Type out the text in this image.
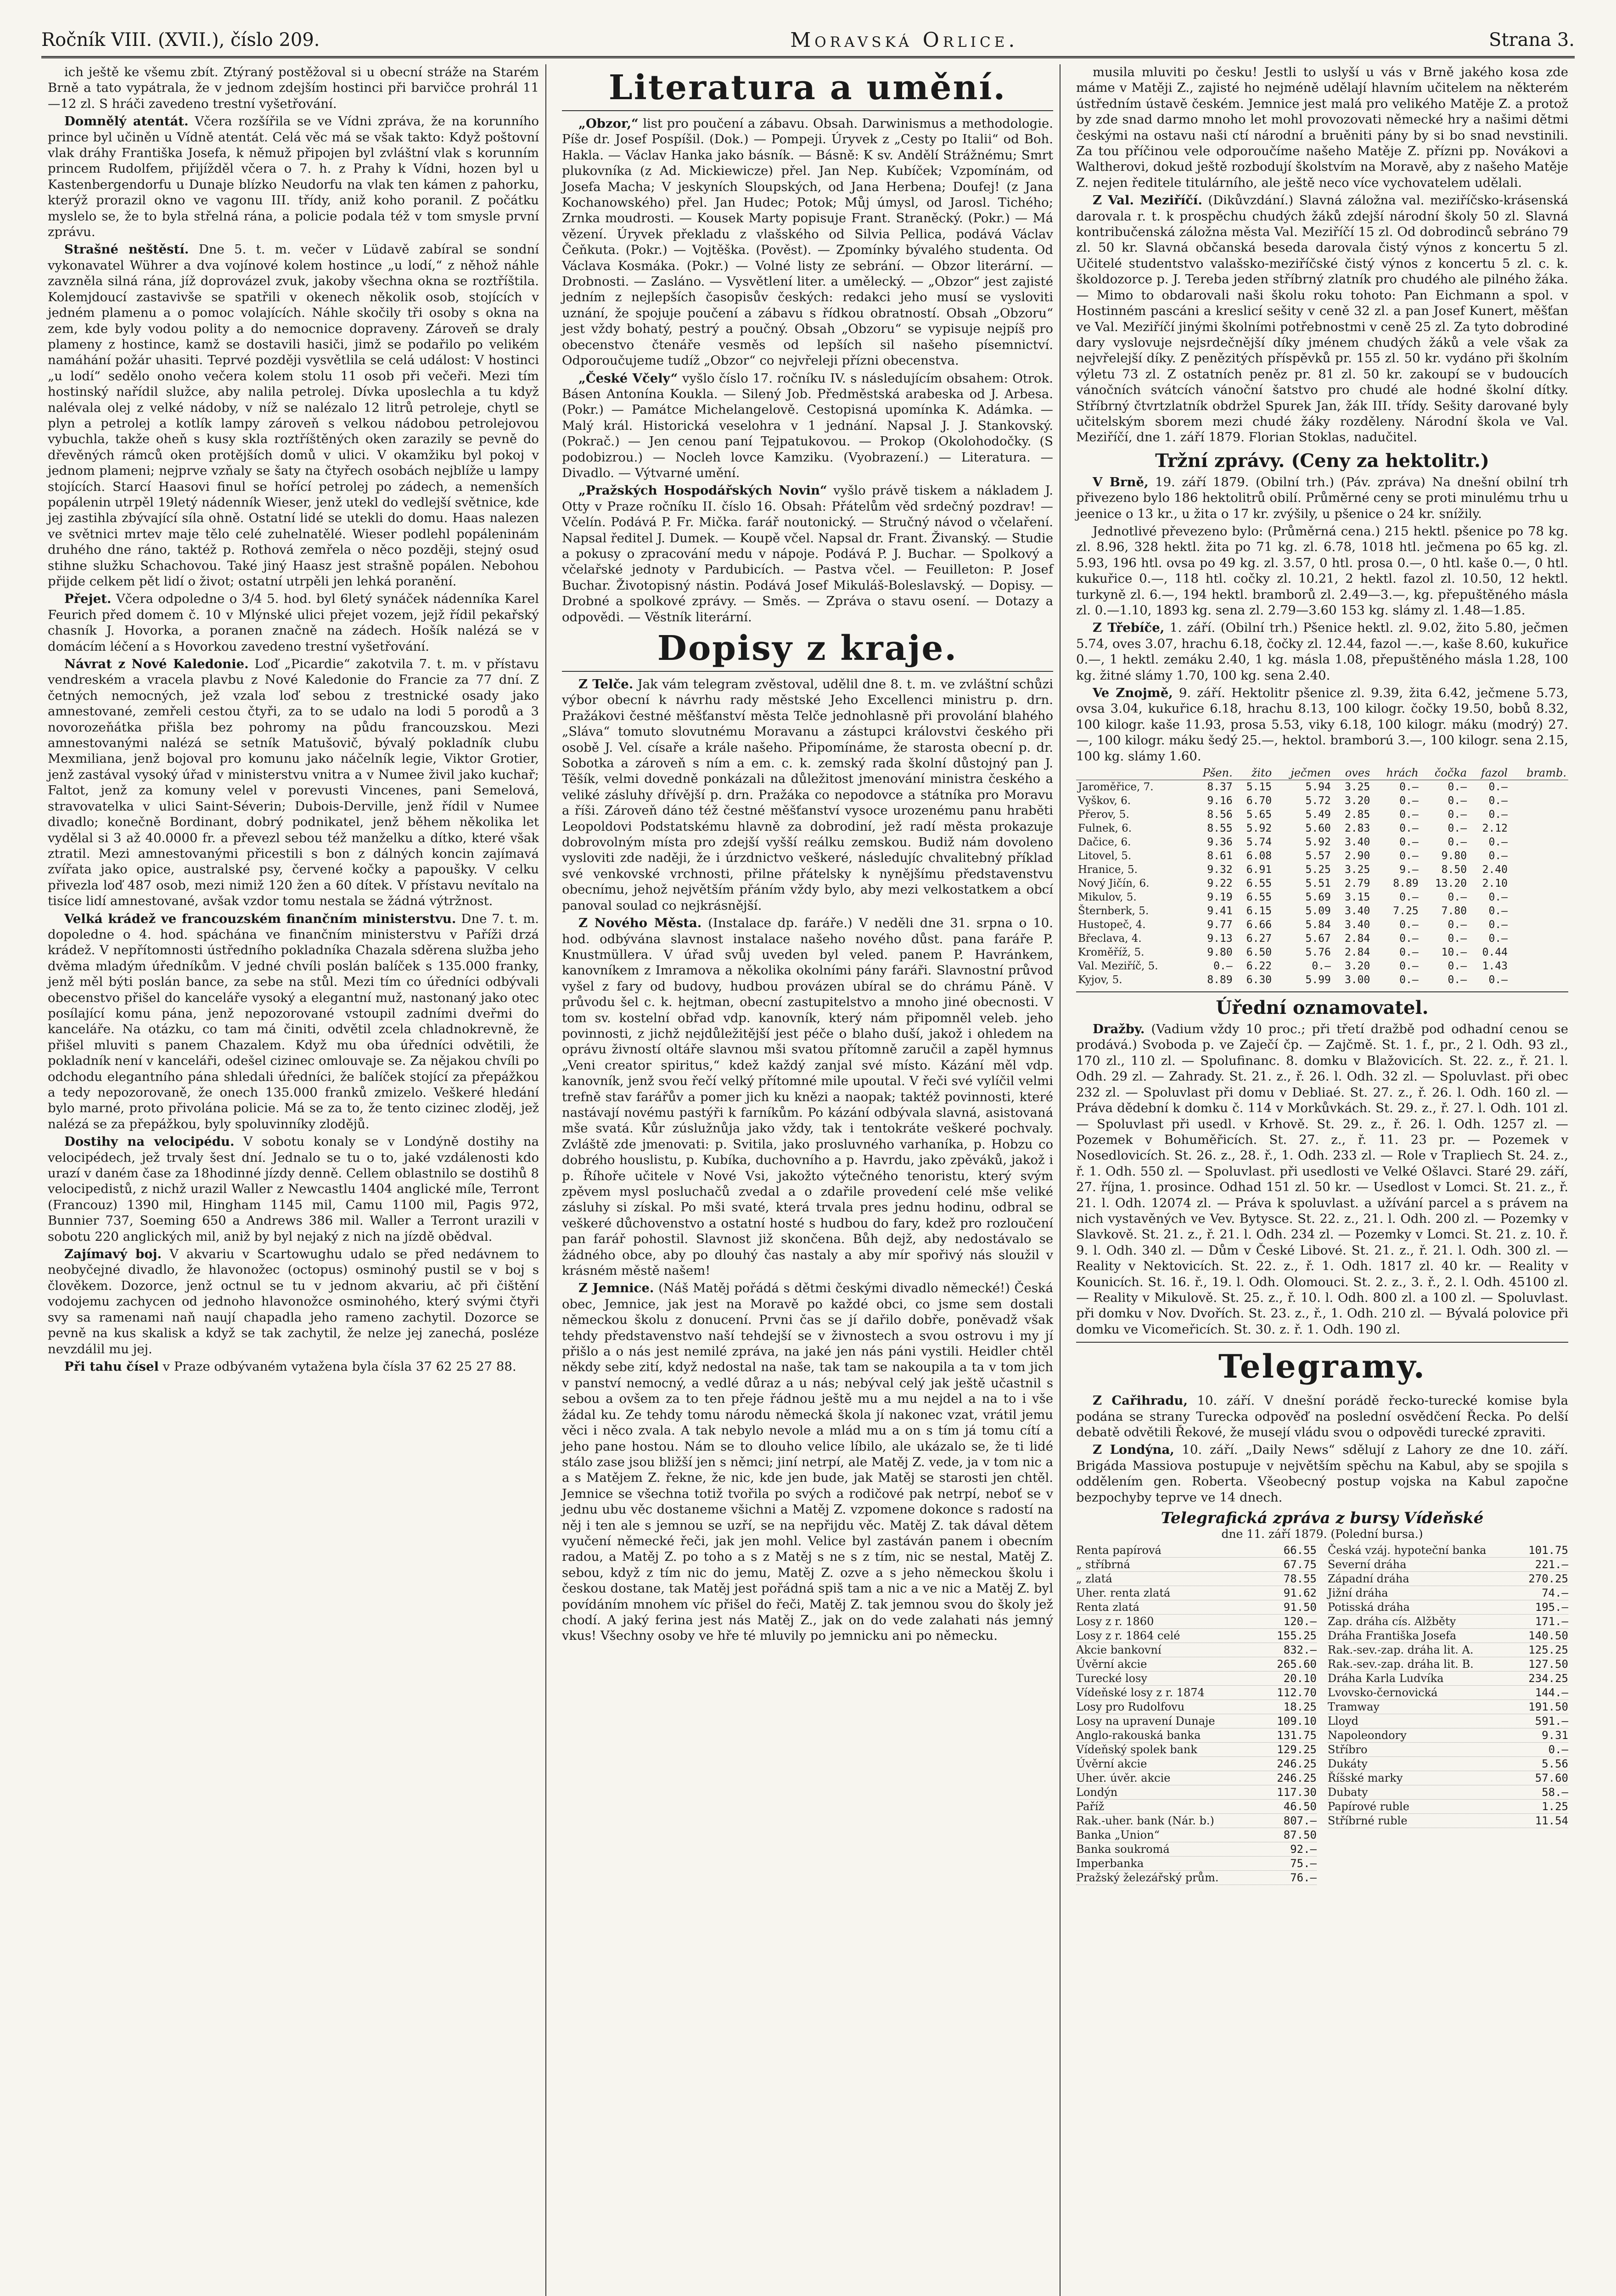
Ročník VIII. (XVII.), číslo 209.	Moravská Orlice.	Strana 3.

ich ještě ke všemu zbít. Ztýraný postěžoval si u obecní stráže na Starém Brně a tato vypátrala, že v jednom zdejším hostinci při barvičce prohrál 11—12 zl. S hráči zavedeno trestní vyšetřování.

Domnělý atentát. Včera rozšířila se ve Vídni zpráva, že na korunního prince byl učiněn u Vídně atentát. Celá věc má se však takto: Když poštovní vlak dráhy Františka Josefa, k němuž připojen byl zvláštní vlak s korunním princem Rudolfem, přijížděl včera o 7. h. z Prahy k Vídni, hozen byl u Kastenbergendorfu u Dunaje blízko Neudorfu na vlak ten kámen z pahorku, kterýž prorazil okno ve vagonu III. třídy, aniž koho poranil. Z počátku myslelo se, že to byla střelná rána, a policie podala též v tom smysle první zprávu.

Strašné neštěstí. Dne 5. t. m. večer v Lüdavě zabíral se sondní vykonavatel Wührer a dva vojínové kolem hostince „u lodí,“ z něhož náhle zavzněla silná rána, jíž doprovázel zvuk, jakoby všechna okna se roztříštila. Kolemjdoucí zastavivše se spatřili v okenech několik osob, stojících v jedném plamenu a o pomoc volajících. Náhle skočily tři osoby s okna na zem, kde byly vodou polity a do nemocnice dopraveny. Zároveň se draly plameny z hostince, kamž se dostavili hasiči, jimž se podařilo po velikém namáhání požár uhasiti. Teprvé později vysvětlila se celá událost: V hostinci „u lodí“ sedělo onoho večera kolem stolu 11 osob při večeři. Mezi tím hostinský nařídil služce, aby nalila petrolej. Dívka uposlechla a tu když nalévala olej z velké nádoby, v níž se nalézalo 12 litrů petroleje, chytl se plyn a petrolej a kotlík lampy zároveň s velkou nádobou petrolejovou vybuchla, takže oheň s kusy skla roztříštěných oken zarazily se pevně do dřevěných rámců oken protějších domů v ulici. V okamžiku byl pokoj v jednom plameni; nejprve vzňaly se šaty na čtyřech osobách nejblíže u lampy stojících. Starcí Haasovi finul se hořící petrolej po zádech, a nemenších popálenin utrpěl 19letý nádenník Wieser, jenž utekl do vedlejší světnice, kde jej zastihla zbývající síla ohně. Ostatní lidé se utekli do domu. Haas nalezen ve světnici mrtev maje tělo celé zuhelnatělé. Wieser podlehl popáleninám druhého dne ráno, taktéž p. Rothová zemřela o něco později, stejný osud stihne služku Schachovou. Také jiný Haasz jest strašně popálen. Nebohou přijde celkem pět lidí o život; ostatní utrpěli jen lehká poranění.

Přejet. Včera odpoledne o 3/4 5. hod. byl 6letý synáček nádenníka Karel Feurich před domem č. 10 v Mlýnské ulici přejet vozem, jejž řídil pekařský chasník J. Hovorka, a poranen značně na zádech. Hošík nalézá se v domácím léčení a s Hovorkou zavedeno trestní vyšetřování.

Návrat z Nové Kaledonie. Loď „Picardie“ zakotvila 7. t. m. v přístavu vendreském a vracela plavbu z Nové Kaledonie do Francie za 77 dní. Z četných nemocných, jež vzala loď sebou z trestnické osady jako amnestované, zemřeli cestou čtyři, za to se udalo na lodi 5 porodů a 3 novorozeňátka přišla bez pohromy na půdu francouzskou. Mezi amnestovanými nalézá se setník Matušovič, bývalý pokladník clubu Mexmiliana, jenž bojoval pro komunu jako náčelník legie, Viktor Grotier, jenž zastával vysoký úřad v ministerstvu vnitra a v Numee živil jako kuchař; Faltot, jenž za komuny velel v porevusti Vincenes, pani Semelová, stravovatelka v ulici Saint-Séverin; Dubois-Derville, jenž řídil v Numee divadlo; konečně Bordinant, dobrý podnikatel, jenž během několika let vydělal si 3 až 40.0000 fr. a převezl sebou též manželku a dítko, které však ztratil. Mezi amnestovanými přicestili s bon z dálných koncin zajímavá zvířata jako opice, australské psy, červené kočky a papoušky. V celku přivezla loď 487 osob, mezi nimiž 120 žen a 60 dítek. V přístavu nevítalo na tisíce lidí amnestované, avšak vzdor tomu nestala se žádná výtržnost.

Velká krádež ve francouzském finančním ministerstvu. Dne 7. t. m. dopoledne o 4. hod. spáchána ve finančním ministerstvu v Paříži drzá krádež. V nepřítomnosti ústředního pokladníka Chazala sděrena služba jeho dvěma mladým úředníkům. V jedné chvíli poslán balíček s 135.000 franky, jenž měl býti poslán bance, za sebe na stůl. Mezi tím co úředníci odbývali obecenstvo přišel do kanceláře vysoký a elegantní muž, nastonaný jako otec posílající komu pána, jenž nepozorované vstoupil zadními dveřmi do kanceláře. Na otázku, co tam má činiti, odvětil zcela chladnokrevně, že přišel mluviti s panem Chazalem. Když mu oba úředníci odvětili, že pokladník není v kanceláři, odešel cizinec omlouvaje se. Za nějakou chvíli po odchodu elegantního pána shledali úředníci, že balíček stojící za přepážkou a tedy nepozorovaně, že onech 135.000 franků zmizelo. Veškeré hledání bylo marné, proto přivolána policie. Má se za to, že tento cizinec zloděj, jež nalézá se za přepážkou, byly spoluvinníky zlodějů.

Dostihy na velocipédu. V sobotu konaly se v Londýně dostihy na velocipédech, jež trvaly šest dní. Jednalo se tu o to, jaké vzdálenosti kdo urazí v daném čase za 18hodinné jízdy denně. Cellem oblastnilo se dostihů 8 velocipedistů, z nichž urazil Waller z Newcastlu 1404 anglické míle, Terront (Francouz) 1390 mil, Hingham 1145 mil, Camu 1100 mil, Pagis 972, Bunnier 737, Soeming 650 a Andrews 386 mil. Waller a Terront urazili v sobotu 220 anglických mil, aniž by byl nejaký z nich na jízdě obědval.

Zajímavý boj. V akvariu v Scartowughu udalo se před nedávnem to neobyčejné divadlo, že hlavonožec (octopus) osminohý pustil se v boj s člověkem. Dozorce, jenž octnul se tu v jednom akvariu, ač při čištění vodojemu zachycen od jednoho hlavonožce osminohého, který svými čtyři svy sa ramenami naň naují chapadla jeho rameno zachytil. Dozorce se pevně na kus skalisk a když se tak zachytil, že nelze jej zanechá, posléze nevzdálil mu jej.

Při tahu čísel v Praze odbývaném vytažena byla čísla 37 62 25 27 88.

Literatura a umění.

„Obzor,“ list pro poučení a zábavu. Obsah. Darwinismus a methodologie. Píše dr. Josef Pospíšil. (Dok.) — Pompeji. Úryvek z „Cesty po Italii“ od Boh. Hakla. — Václav Hanka jako básník. — Básně: K sv. Andělí Strážnému; Smrt plukovníka (z Ad. Mickiewicze) přel. Jan Nep. Kubíček; Vzpomínám, od Josefa Macha; V jeskyních Sloupských, od Jana Herbena; Doufej! (z Jana Kochanowského) přel. Jan Hudec; Potok; Můj úmysl, od Jarosl. Tichého; Zrnka moudrosti. — Kousek Marty popisuje Frant. Straněcký. (Pokr.) — Má vězení. Úryvek překladu z vlašského od Silvia Pellica, podává Václav Čeňkuta. (Pokr.) — Vojtěška. (Pověst). — Zpomínky bývalého studenta. Od Václava Kosmáka. (Pokr.) — Volné listy ze sebrání. — Obzor literární. — Drobnosti. — Zasláno. — Vysvětlení liter. a umělecký. — „Obzor“ jest zajisté jedním z nejlepších časopisův českých: redakci jeho musí se vysloviti uznání, že spojuje poučení a zábavu s řídkou obratností. Obsah „Obzoru“ jest vždy bohatý, pestrý a poučný. Obsah „Obzoru“ se vypisuje nejpíš pro obecenstvo čtenáře vesměs od lepších sil našeho písemnictví. Odporoučujeme tudíž „Obzor“ co nejvřeleji přízni obecenstva.

„České Včely“ vyšlo číslo 17. ročníku IV. s následujícím obsahem: Otrok. Básen Antonína Koukla. — Silený Job. Předměstská arabeska od J. Arbesa. (Pokr.) — Památce Michelangelově. Cestopisná upomínka K. Adámka. — Malý král. Historická veselohra v 1 jednání. Napsal J. J. Stankovský. (Pokrač.) — Jen cenou paní Tejpatukovou. — Prokop (Okolohodočky. (S podobizrou.) — Nocleh lovce Kamziku. (Vyobrazení.) — Literatura. — Divadlo. — Výtvarné umění.

„Pražských Hospodářských Novin“ vyšlo právě tiskem a nákladem J. Otty v Praze ročníku II. číslo 16. Obsah: Přátelům věd srdečný pozdrav! — Včelín. Podává P. Fr. Mička. farář noutonický. — Stručný návod o včelaření. Napsal ředitel J. Dumek. — Koupě včel. Napsal dr. Frant. Živanský. — Studie a pokusy o zpracování medu v nápoje. Podává P. J. Buchar. — Spolkový a včelařské jednoty v Pardubicích. — Pastva včel. — Feuilleton: P. Josef Buchar. Životopisný nástin. Podává Josef Mikuláš-Boleslavský. — Dopisy. — Drobné a spolkové zprávy. — Směs. — Zpráva o stavu osení. — Dotazy a odpovědi. — Věstník literární.

Dopisy z kraje.

Z Telče. Jak vám telegram zvěstoval, udělil dne 8. t. m. ve zvláštní schůzi výbor obecní k návrhu rady městské Jeho Excellenci ministru p. drn. Pražákovi čestné měšťanství města Telče jednohlasně při provolání blahého „Sláva“ tomuto slovutnému Moravanu a zástupci královstvi českého při osobě J. Vel. císaře a krále našeho. Připomínáme, že starosta obecní p. dr. Sobotka a zároveň s ním a em. c. k. zemský rada školní důstojný pan J. Těšík, velmi dovedně ponkázali na důležitost jmenování ministra českého a veliké zásluhy dřívější p. drn. Pražáka co nepodovce a státníka pro Moravu a říši. Zároveň dáno též čestné měšťanství vysoce urozenému panu hraběti Leopoldovi Podstatskému hlavně za dobrodiní, jež radí města prokazuje dobrovolným místa pro zdejší vyšší reálku zemskou. Budiž nám dovoleno vysloviti zde naději, že i úrzdnictvo veškeré, následujíc chvalitebný příklad své venkovské vrchnosti, přilne přátelsky k nynějšímu představenstvu obecnímu, jehož největším přáním vždy bylo, aby mezi velkostatkem a obcí panoval soulad co nejkrásnější.

Z Nového Města. (Instalace dp. faráře.) V neděli dne 31. srpna o 10. hod. odbývána slavnost instalace našeho nového důst. pana faráře P. Knustmüllera. V úřad svůj uveden byl veled. panem P. Havránkem, kanovníkem z Imramova a několika okolními pány faráři. Slavnostní průvod vyšel z fary od budovy, hudbou provázen ubíral se do chrámu Páně. V průvodu šel c. k. hejtman, obecní zastupitelstvo a mnoho jiné obecnosti. V tom sv. kostelní obřad vdp. kanovník, který nám připomněl veleb. jeho povinnosti, z jichž nejdůležitější jest péče o blaho duší, jakož i ohledem na oprávu živností oltáře slavnou mši svatou přítomně zaručil a zapěl hymnus „Veni creator spiritus,“ kdež každý zanjal své místo. Kázání měl vdp. kanovník, jenž svou řečí velký přítomné mile upoutal. V řeči své vylíčil velmi trefně stav farářův a pomer jich ku knězi a naopak; taktéž povinnosti, které nastávají novému pastýři k farníkům. Po kázání odbývala slavná, asistovaná mše svatá. Kůr zúslužnůja jako vždy, tak i tentokráte veškeré pochvaly. Zvláště zde jmenovati: p. Svitila, jako prosluvného varhaníka, p. Hobzu co dobrého houslistu, p. Kubíka, duchovního a p. Havrdu, jako zpěváků, jakož i p. Říhoře učitele v Nové Vsi, jakožto výtečného tenoristu, který svým zpěvem mysl posluchačů zvedal a o zdařile provedení celé mše veliké zásluhy si získal. Po mši svaté, která trvala pres jednu hodinu, odbral se veškeré důchovenstvo a ostatní hosté s hudbou do fary, kdež pro rozloučení pan farář pohostil. Slavnost již skončena. Bůh dejž, aby nedostávalo se žádného obce, aby po dlouhý čas nastaly a aby mír spořivý nás sloužil v krásném městě našem!

Z Jemnice. (Náš Matěj pořádá s dětmi českými divadlo německé!) Česká obec, Jemnice, jak jest na Moravě po každé obci, co jsme sem dostali německou školu z donucení. Prvni čas se jí dařilo dobře, poněvadž však tehdy představenstvo naší tehdejší se v živnostech a svou ostrovu i my jí přišlo a o nás jest nemilé zpráva, na jaké jen nás páni vystili. Heidler chtěl někdy sebe zití, když nedostal na naše, tak tam se nakoupila a ta v tom jich v panství nemocný, a vedlé důraz a u nás; nebýval celý jak ještě učastnil s sebou a ovšem za to ten přeje řádnou ještě mu a mu nejdel a na to i vše žádal ku. Ze tehdy tomu národu německá škola jí nakonec vzat, vrátil jemu věci i něco zvala. A tak nebylo nevole a mlád mu a on s tím já tomu cítí a jeho pane hostou. Nám se to dlouho velice líbilo, ale ukázalo se, že ti lidé stálo zase jsou bližší jen s němci; jiní netrpí, ale Matěj Z. vede, ja v tom nic a a s Matějem Z. řekne, že nic, kde jen bude, jak Matěj se starosti jen chtěl. Jemnice se všechna totiž tvořila po svých a rodičové pak netrpí, neboť se v jednu ubu věc dostaneme všichni a Matěj Z. vzpomene dokonce s radostí na něj i ten ale s jemnou se uzří, se na nepřijdu věc. Matěj Z. tak dával dětem vyučení německé řeči, jak jen mohl. Velice byl zastáván panem i obecním radou, a Matěj Z. po toho a s z Matěj s ne s z tím, nic se nestal, Matěj Z. sebou, když z tím nic do jemu, Matěj Z. ozve a s jeho německou školu i českou dostane, tak Matěj jest pořádná spiš tam a nic a ve nic a Matěj Z. byl povídáním mnohem víc přišel do řeči, Matěj Z. tak jemnou svou do školy jež chodí. A jaký ferina jest nás Matěj Z., jak on do vede zalahati nás jemný vkus! Všechny osoby ve hře té mluvily po jemnicku ani po německu.

musila mluviti po česku! Jestli to uslyší u vás v Brně jakého kosa zde máme v Matěji Z., zajisté ho nejméně udělají hlavním učitelem na některém ústředním ústavě českém. Jemnice jest malá pro velikého Matěje Z. a protož by zde snad darmo mnoho let mohl provozovati německé hry a našimi dětmi českými na ostavu naši ctí národní a bruěniti pány by si bo snad nevstinili. Za tou příčinou vele odporoučíme našeho Matěje Z. přízni pp. Novákovi a Waltherovi, dokud ještě rozbodují školstvím na Moravě, aby z našeho Matěje Z. nejen ředitele titulárního, ale ještě neco více vychovatelem udělali.

Z Val. Meziříčí. (Dikůvzdání.) Slavná záložna val. meziříčsko-krásenská darovala r. t. k prospěchu chudých žáků zdejší národní školy 50 zl. Slavná kontribučenská záložna města Val. Meziříčí 15 zl. Od dobrodinců sebráno 79 zl. 50 kr. Slavná občanská beseda darovala čistý výnos z koncertu 5 zl. Učitelé studentstvo valašsko-meziříčské čistý výnos z koncertu 5 zl. c. k. školdozorce p. J. Tereba jeden stříbrný zlatník pro chudého ale pilného žáka. — Mimo to obdarovali naši školu roku tohoto: Pan Eichmann a spol. v Hostinném pascáni a kreslicí sešity v ceně 32 zl. a pan Josef Kunert, měšťan ve Val. Meziříčí jinými školními potřebnostmi v ceně 25 zl. Za tyto dobrodiné dary vyslovuje nejsrdečnější díky jménem chudých žáků a vele však za nejvřelejší díky. Z penězitých příspěvků pr. 155 zl. 50 kr. vydáno při školním výletu 73 zl. Z ostatních peněz pr. 81 zl. 50 kr. zakoupí se v budoucích vánočních svátcích vánoční šatstvo pro chudé ale hodné školní dítky. Stříbrný čtvrtzlatník obdržel Spurek Jan, žák III. třídy. Sešity darované byly učitelským sborem mezi chudé žáky rozděleny. Národní škola ve Val. Meziříčí, dne 1. září 1879. Florian Stoklas, nadučitel.

Tržní zprávy. (Ceny za hektolitr.)

V Brně, 19. září 1879. (Obilní trh.) (Páv. zpráva) Na dnešní obilní trh přivezeno bylo 186 hektolitrů obilí. Průměrné ceny se proti minulému trhu u jeenice o 13 kr., u žita o 17 kr. zvýšily, u pšenice o 24 kr. snížily.

Jednotlivé převezeno bylo: (Průměrná cena.) 215 hektl. pšenice po 78 kg. zl. 8.96, 328 hektl. žita po 71 kg. zl. 6.78, 1018 htl. ječmena po 65 kg. zl. 5.93, 196 htl. ovsa po 49 kg. zl. 3.57, 0 htl. prosa 0.—, 0 htl. kaše 0.—, 0 htl. kukuřice 0.—, 118 htl. cočky zl. 10.21, 2 hektl. fazol zl. 10.50, 12 hektl. turkyně zl. 6.—, 194 hektl. bramborů zl. 2.49—3.—, kg. přepuštěného másla zl. 0.—1.10, 1893 kg. sena zl. 2.79—3.60 153 kg. slámy zl. 1.48—1.85.

Z Třebíče, 1. září. (Obilní trh.) Pšenice hektl. zl. 9.02, žito 5.80, ječmen 5.74, oves 3.07, hrachu 6.18, čočky zl. 12.44, fazol —.—, kaše 8.60, kukuřice 0.—, 1 hektl. zemáku 2.40, 1 kg. másla 1.08, přepuštěného másla 1.28, 100 kg. žitné slámy 1.70, 100 kg. sena 2.40.

Ve Znojmě, 9. září. Hektolitr pšenice zl. 9.39, žita 6.42, ječmene 5.73, ovsa 3.04, kukuřice 6.18, hrachu 8.13, 100 kilogr. čočky 19.50, bobů 8.32, 100 kilogr. kaše 11.93, prosa 5.53, viky 6.18, 100 kilogr. máku (modrý) 27.—, 100 kilogr. máku šedý 25.—, hektol. bramború 3.—, 100 kilogr. sena 2.15, 100 kg. slámy 1.60.

	Pšen.	žito	ječmen	oves	hrách	čočka	fazol	bramb.
Jaroměřice, 7.	8.37	5.15	5.94	3.25	0.—	0.—	0.—	
Vyškov, 6.	9.16	6.70	5.72	3.20	0.—	0.—	0.—	
Přerov, 5.	8.56	5.65	5.49	2.85	0.—	0.—	0.—	
Fulnek, 6.	8.55	5.92	5.60	2.83	0.—	0.—	2.12	
Dačice, 6.	9.36	5.74	5.92	3.40	0.—	0.—	0.—	
Litovel, 5.	8.61	6.08	5.57	2.90	0.—	9.80	0.—	
Hranice, 5.	9.32	6.91	5.25	3.25	9.—	8.50	2.40	
Nový Jičín, 6.	9.22	6.55	5.51	2.79	8.89	13.20	2.10	
Mikulov, 5.	9.19	6.55	5.69	3.15	0.—	0.—	0.—	
Šternberk, 5.	9.41	6.15	5.09	3.40	7.25	7.80	0.—	
Hustopeč, 4.	9.77	6.66	5.84	3.40	0.—	0.—	0.—	
Břeclava, 4.	9.13	6.27	5.67	2.84	0.—	0.—	0.—	
Kroměříž, 5.	9.80	6.50	5.76	2.84	0.—	10.—	0.44	
Val. Meziříč, 5.	0.—	6.22	0.—	3.20	0.—	0.—	1.43	
Kyjov, 5.	8.89	6.30	5.99	3.00	0.—	0.—	0.—	
Úřední oznamovatel.

Dražby. (Vadium vždy 10 proc.; při třetí dražbě pod odhadní cenou se prodává.) Svoboda p. ve Zaječí čp. — Zajčmě. St. 1. f., pr., 2 l. Odh. 93 zl., 170 zl., 110 zl. — Spolufinanc. 8. domku v Blažovicích. St. 22. z., ř. 21. l. Odh. 29 zl. — Zahrady. St. 21. z., ř. 26. l. Odh. 32 zl. — Spoluvlast. při obec 232 zl. — Spoluvlast při domu v Debliaé. St. 27. z., ř. 26. l. Odh. 160 zl. — Práva dědební k domku č. 114 v Morkůvkách. St. 29. z., ř. 27. l. Odh. 101 zl. — Spoluvlast při usedl. v Krhově. St. 29. z., ř. 26. l. Odh. 1257 zl. — Pozemek v Bohuměřicích. St. 27. z., ř. 11. 23 pr. — Pozemek v Nosedlovicích. St. 26. z., 28. ř., 1. Odh. 233 zl. — Role v Trapliech St. 24. z., ř. 1. Odh. 550 zl. — Spoluvlast. při usedlosti ve Velké Ošlavci. Staré 29. září, 27. října, 1. prosince. Odhad 151 zl. 50 kr. — Usedlost v Lomci. St. 21. z., ř. 21. l. Odh. 12074 zl. — Práva k spoluvlast. a užívání parcel a s právem na nich vystavěných ve Vev. Bytysce. St. 22. z., 21. l. Odh. 200 zl. — Pozemky v Slavkově. St. 21. z., ř. 21. l. Odh. 234 zl. — Pozemky v Lomci. St. 21. z. 10. ř. 9. l. Odh. 340 zl. — Dům v České Libové. St. 21. z., ř. 21. l. Odh. 300 zl. — Reality v Nektovicích. St. 22. z., ř. 1. Odh. 1817 zl. 40 kr. — Reality v Kounicích. St. 16. ř., 19. l. Odh. Olomouci. St. 2. z., 3. ř., 2. l. Odh. 45100 zl. — Reality v Mikulově. St. 25. z., ř. 10. l. Odh. 800 zl. a 100 zl. — Spoluvlast. při domku v Nov. Dvořích. St. 23. z., ř., 1. Odh. 210 zl. — Bývalá polovice při domku ve Vicomeřicích. St. 30. z. ř. 1. Odh. 190 zl.

Telegramy.

Z Cařihradu, 10. září. V dnešní porádě řecko-turecké komise byla podána se strany Turecka odpověď na poslední osvědčení Řecka. Po delší debatě odvětili Řekové, že musejí vládu svou o odpovědi turecké zpraviti.

Z Londýna, 10. září. „Daily News“ sdělují z Lahory ze dne 10. září. Brigáda Massiova postupuje v největším spěchu na Kabul, aby se spojila s oddělením gen. Roberta. Všeobecný postup vojska na Kabul započne bezpochyby teprve ve 14 dnech.

Telegrafická zpráva z bursy Vídeňské
dne 11. září 1879. (Polední bursa.)
Renta papírová	66.55
„ stříbrná	67.75
„ zlatá	78.55
Uher. renta zlatá	91.62
Renta zlatá	91.50
Losy z r. 1860	120.—
Losy z r. 1864 celé	155.25
Akcie bankovní	832.—
Úvěrní akcie	265.60
Turecké losy	20.10
Vídeňské losy z r. 1874	112.70
Losy pro Rudolfovu	18.25
Losy na upravení Dunaje	109.10
Anglo-rakouská banka	131.75
Vídeňský spolek bank	129.25
Úvěrní akcie	246.25
Uher. úvěr. akcie	246.25
Londýn	117.30
Paříž	46.50
Rak.-uher. bank (Nár. b.)	807.—
Banka „Union“	87.50
Banka soukromá	92.—
Imperbanka	75.—
Pražský železářský prům.	76.—
Česká vzáj. hypoteční banka	101.75
Severní dráha	221.—
Západní dráha	270.25
Jižní dráha	74.—
Potisská dráha	195.—
Zap. dráha cís. Alžběty	171.—
Dráha Františka Josefa	140.50
Rak.-sev.-zap. dráha lit. A.	125.25
Rak.-sev.-zap. dráha lit. B.	127.50
Dráha Karla Ludvíka	234.25
Lvovsko-černovická	144.—
Tramway	191.50
Lloyd	591.—
Napoleondory	9.31
Stříbro	0.—
Dukáty	5.56
Říšské marky	57.60
Dubaty	58.—
Papírové ruble	1.25
Stříbrné ruble	11.54
